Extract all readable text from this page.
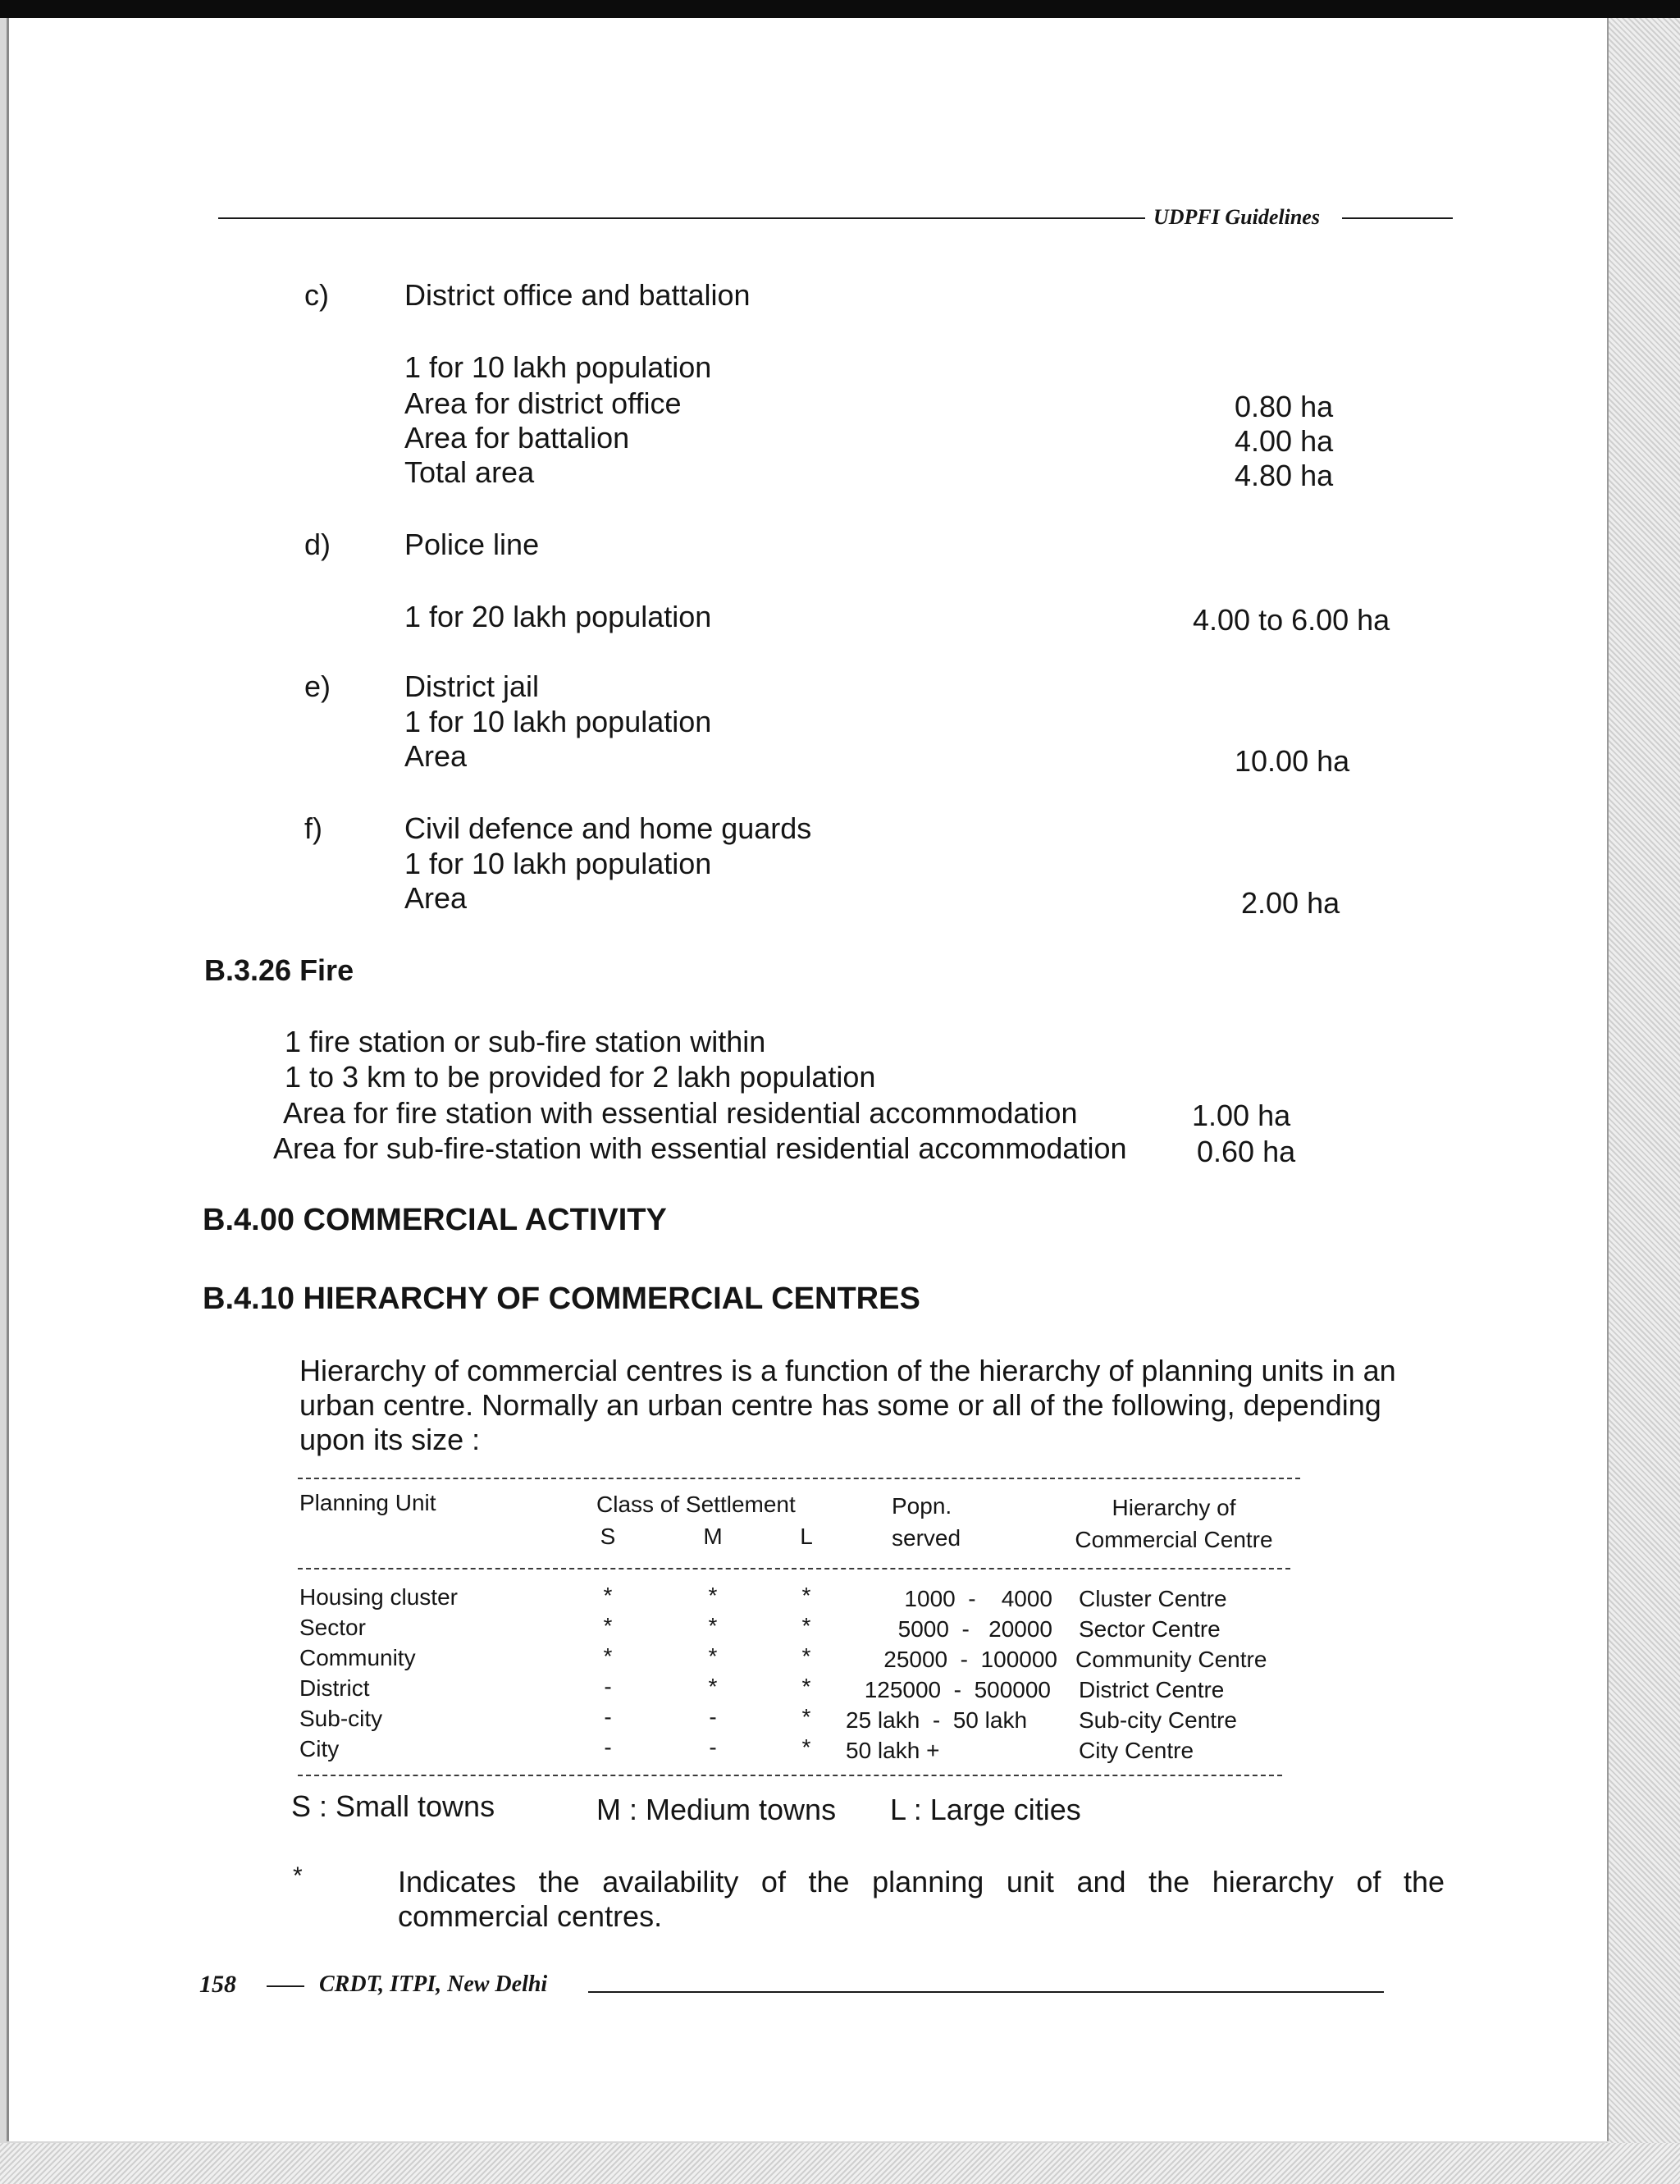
UDPFI Guidelines
c)	District office and battalion
1 for 10 lakh population
Area for district office	0.80 ha
Area for battalion	4.00 ha
Total area	4.80 ha
d) Police line
1 for 20 lakh population	4.00 to 6.00 ha
e) District jail
1 for 10 lakh population
Area	10.00 ha
f)	Civil defence and home guards
1 for 10 lakh population
Area	2.00 ha
B.3.26 Fire
1 fire station or sub-fire station within
1 to 3 km to be provided for 2 lakh population
Area for fire station with essential residential accommodation	1.00 ha
Area for sub-fire-station with essential residential accommodation 0.60 ha
B.4.00 COMMERCIAL ACTIVITY
B.4.10 HIERARCHY OF COMMERCIAL CENTRES
Hierarchy of commercial centres is a function of the hierarchy of planning units in an
urban centre. Normally an urban centre has some or all of the following, depending
upon its size :
Planning Unit	Class of Settlement
S	M	L
Popn.
served
Hierarchy of
Commercial Centre
Housing cluster	*	*	*	1000  -    4000 Cluster Centre
Sector	*	*	*	5000  -   20000 Sector Centre
Community	*	*	*	25000  -  100000 Community Centre
District	-	*	*	125000  -  500000 District Centre
Sub-city	-	-	*	25 lakh  -  50 lakh Sub-city Centre
City	-	-	*	50 lakh +	City Centre
S : Small towns	M : Medium towns L : Large cities
*	Indicates the availability of the planning unit and the hierarchy of the
commercial centres.
158	CRDT, ITPI, New Delhi
